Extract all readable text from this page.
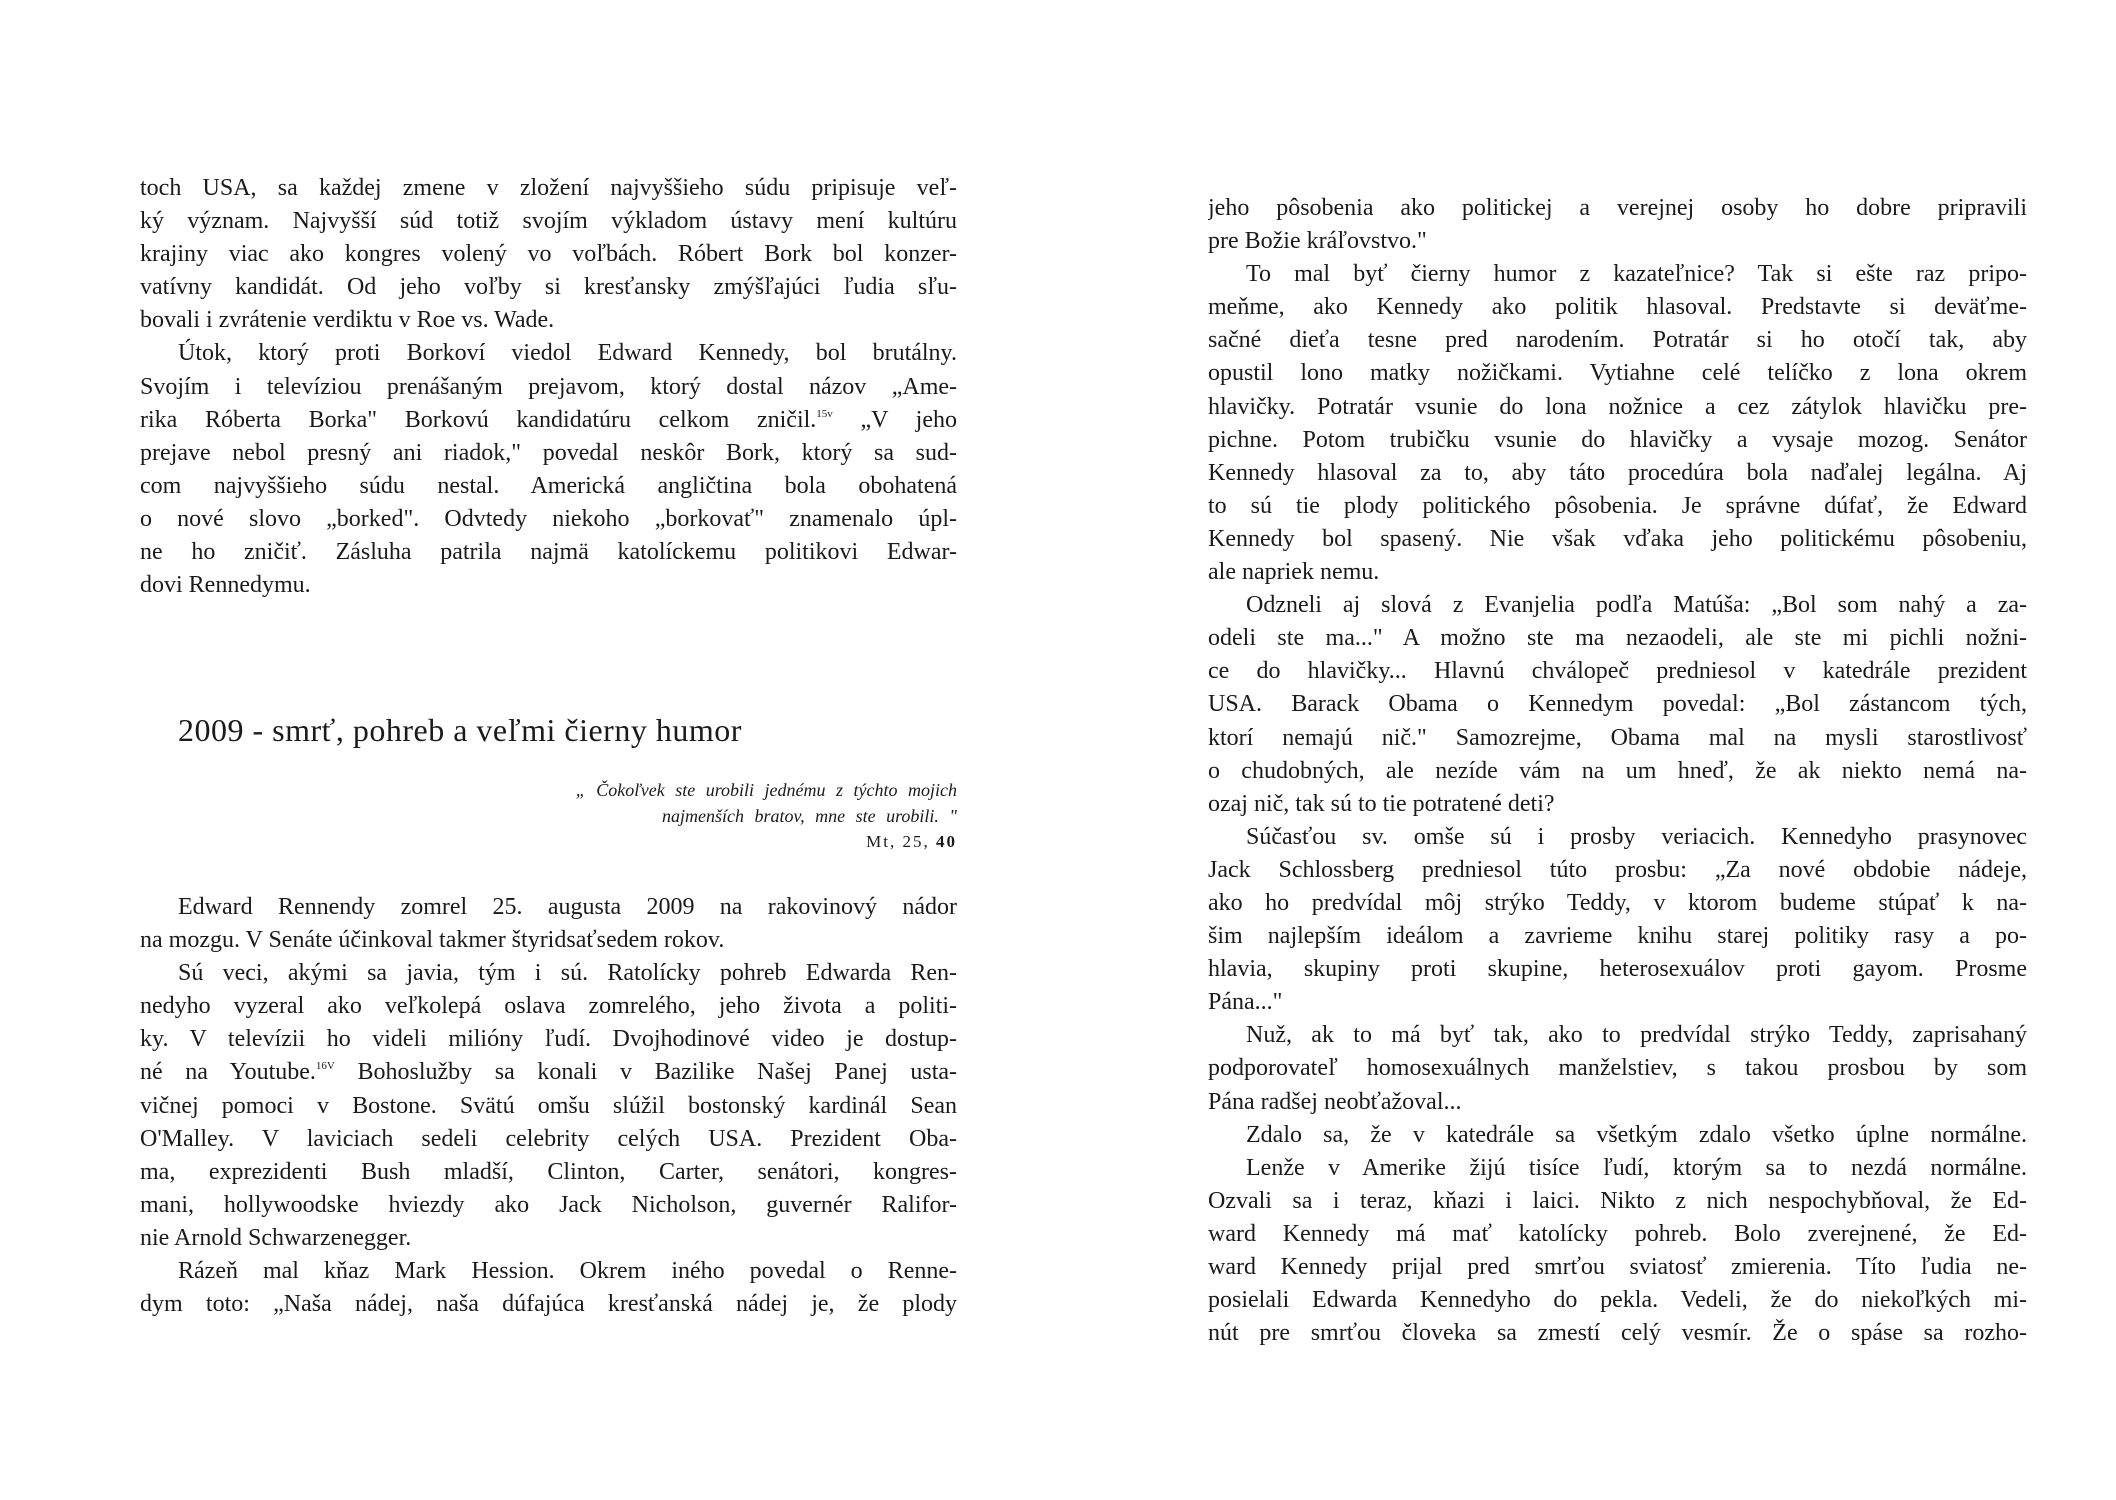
toch USA, sa každej zmene v zložení najvyššieho súdu pripisuje veľ-
ký význam. Najvyšší súd totiž svojím výkladom ústavy mení kultúru
krajiny viac ako kongres volený vo voľbách. Róbert Bork bol konzer-
vatívny kandidát. Od jeho voľby si kresťansky zmýšľajúci ľudia sľu-
bovali i zvrátenie verdiktu v Roe vs. Wade.
Útok, ktorý proti Borkoví viedol Edward Kennedy, bol brutálny.
Svojím i televíziou prenášaným prejavom, ktorý dostal názov „Ame-
rika Róberta Borka" Borkovú kandidatúru celkom zničil.$^{15v}$ „V jeho
prejave nebol presný ani riadok," povedal neskôr Bork, ktorý sa sud-
com najvyššieho súdu nestal. Americká angličtina bola obohatená
o nové slovo „borked". Odvtedy niekoho „borkovať" znamenalo úpl-
ne ho zničiť. Zásluha patrila najmä katolíckemu politikovi Edwar-
dovi Rennedymu.
2009 - smrť, pohreb a veľmi čierny humor
„ Čokoľvek ste urobili jednému z týchto mojich
najmenších bratov, mne ste urobili. "
Mt, 25, 40
Edward Rennendy zomrel 25. augusta 2009 na rakovinový nádor
na mozgu. V Senáte účinkoval takmer štyridsaťsedem rokov.
Sú veci, akými sa javia, tým i sú. Ratolícky pohreb Edwarda Ren-
nedyho vyzeral ako veľkolepá oslava zomrelého, jeho života a politi-
ky. V televízii ho videli milióny ľudí. Dvojhodinové video je dostup-
né na Youtube.$^{16V}$ Bohoslužby sa konali v Bazilike Našej Panej usta-
vičnej pomoci v Bostone. Svätú omšu slúžil bostonský kardinál Sean
O'Malley. V laviciach sedeli celebrity celých USA. Prezident Oba-
ma, exprezidenti Bush mladší, Clinton, Carter, senátori, kongres-
mani, hollywoodske hviezdy ako Jack Nicholson, guvernér Ralifor-
nie Arnold Schwarzenegger.
Rázeň mal kňaz Mark Hession. Okrem iného povedal o Renne-
dym toto: „Naša nádej, naša dúfajúca kresťanská nádej je, že plody
jeho pôsobenia ako politickej a verejnej osoby ho dobre pripravili
pre Božie kráľovstvo."
To mal byť čierny humor z kazateľnice? Tak si ešte raz pripo-
meňme, ako Kennedy ako politik hlasoval. Predstavte si deväťme-
sačné dieťa tesne pred narodením. Potratár si ho otočí tak, aby
opustil lono matky nožičkami. Vytiahne celé telíčko z lona okrem
hlavičky. Potratár vsunie do lona nožnice a cez zátylok hlavičku pre-
pichne. Potom trubičku vsunie do hlavičky a vysaje mozog. Senátor
Kennedy hlasoval za to, aby táto procedúra bola naďalej legálna. Aj
to sú tie plody politického pôsobenia. Je správne dúfať, že Edward
Kennedy bol spasený. Nie však vďaka jeho politickému pôsobeniu,
ale napriek nemu.
Odzneli aj slová z Evanjelia podľa Matúša: „Bol som nahý a za-
odeli ste ma..." A možno ste ma nezaodeli, ale ste mi pichli nožni-
ce do hlavičky... Hlavnú chválореč predniesol v katedrále prezident
USA. Barack Obama o Kennedym povedal: „Bol zástancom tých,
ktorí nemajú nič." Samozrejme, Obama mal na mysli starostlivosť
o chudobných, ale nezíde vám na um hneď, že ak niekto nemá na-
ozaj nič, tak sú to tie potratené deti?
Súčasťou sv. omše sú i prosby veriacich. Kennedyho prasynovec
Jack Schlossberg predniesol túto prosbu: „Za nové obdobie nádeje,
ako ho predvídal môj strýko Teddy, v ktorom budeme stúpať k na-
šim najlepším ideálom a zavrieme knihu starej politiky rasy a po-
hlavia, skupiny proti skupine, heterosexuálov proti gayom. Prosme
Pána..."
Nuž, ak to má byť tak, ako to predvídal strýko Teddy, zaprisahaný
podporovateľ homosexuálnych manželstiev, s takou prosbou by som
Pána radšej neobťažoval...
Zdalo sa, že v katedrále sa všetkým zdalo všetko úplne normálne.
Lenže v Amerike žijú tisíce ľudí, ktorým sa to nezdá normálne.
Ozvali sa i teraz, kňazi i laici. Nikto z nich nespochybňoval, že Ed-
ward Kennedy má mať katolícky pohreb. Bolo zverejnené, že Ed-
ward Kennedy prijal pred smrťou sviatosť zmierenia. Títo ľudia ne-
posielali Edwarda Kennedyho do pekla. Vedeli, že do niekoľkých mi-
nút pre smrťou človeka sa zmestí celý vesmír. Že o spáse sa rozho-
